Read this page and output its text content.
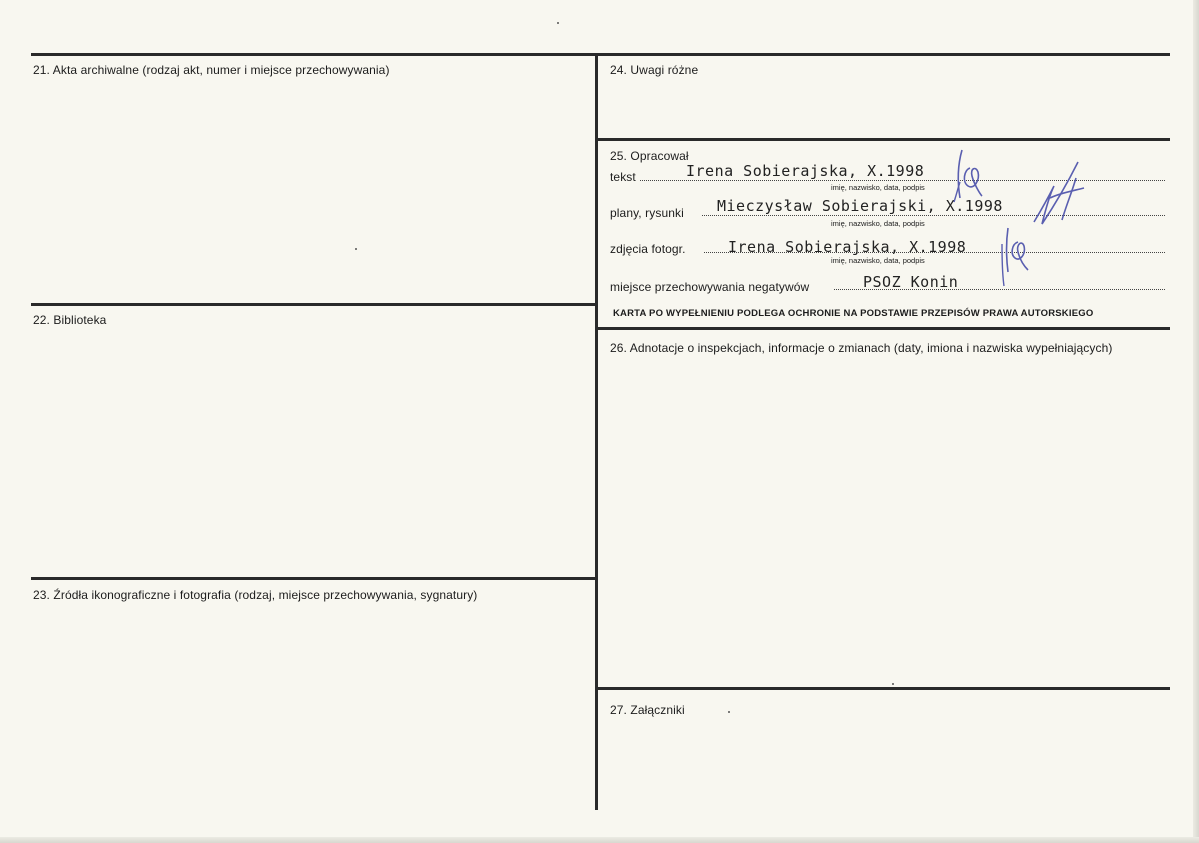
21. Akta archiwalne (rodzaj akt, numer i miejsce przechowywania)
22. Biblioteka
23. Źródła ikonograficzne i fotografia (rodzaj, miejsce przechowywania, sygnatury)
24. Uwagi różne
25. Opracował
tekst	Irena Sobierajska, X.1998
imię, nazwisko, data, podpis
plany, rysunki Mieczysław Sobierajski, X.1998
imię, nazwisko, data, podpis
zdjęcia fotogr.	Irena Sobierajska, X.1998
imię, nazwisko, data, podpis
miejsce przechowywania negatywów	PSOZ Konin
KARTA PO WYPEŁNIENIU PODLEGA OCHRONIE NA PODSTAWIE PRZEPISÓW PRAWA AUTORSKIEGO
26. Adnotacje o inspekcjach, informacje o zmianach (daty, imiona i nazwiska wypełniających)
27. Załączniki
